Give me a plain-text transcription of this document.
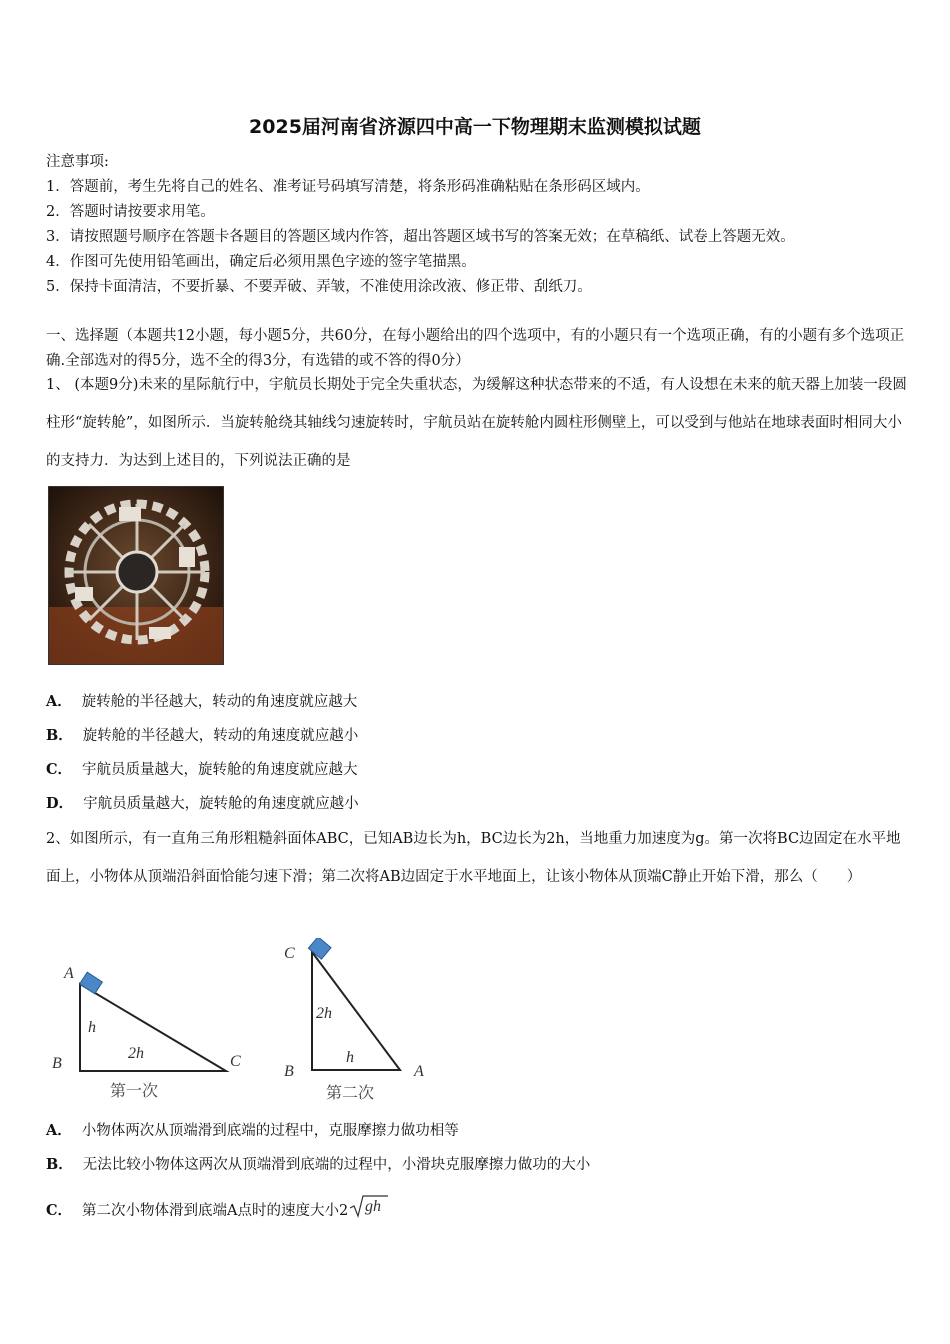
2025届河南省济源四中高一下物理期末监测模拟试题
注意事项:
1．答题前，考生先将自己的姓名、准考证号码填写清楚，将条形码准确粘贴在条形码区域内。
2．答题时请按要求用笔。
3．请按照题号顺序在答题卡各题目的答题区域内作答，超出答题区域书写的答案无效；在草稿纸、试卷上答题无效。
4．作图可先使用铅笔画出，确定后必须用黑色字迹的签字笔描黑。
5．保持卡面清洁，不要折暴、不要弄破、弄皱，不准使用涂改液、修正带、刮纸刀。
一、选择题（本题共12小题，每小题5分，共60分，在每小题给出的四个选项中，有的小题只有一个选项正确，有的小题有多个选项正确.全部选对的得5分，选不全的得3分，有选错的或不答的得0分）
1、 (本题9分)未来的星际航行中，宇航员长期处于完全失重状态，为缓解这种状态带来的不适，有人设想在未来的航天器上加装一段圆柱形“旋转舱”，如图所示．当旋转舱绕其轴线匀速旋转时，宇航员站在旋转舱内圆柱形侧壁上，可以受到与他站在地球表面时相同大小的支持力．为达到上述目的，下列说法正确的是
A． 旋转舱的半径越大，转动的角速度就应越大
B． 旋转舱的半径越大，转动的角速度就应越小
C． 宇航员质量越大，旋转舱的角速度就应越大
D． 宇航员质量越大，旋转舱的角速度就应越小
2、如图所示，有一直角三角形粗糙斜面体ABC，已知AB边长为h，BC边长为2h，当地重力加速度为g。第一次将BC边固定在水平地面上，小物体从顶端沿斜面恰能匀速下滑；第二次将AB边固定于水平地面上，让该小物体从顶端C静止开始下滑，那么（　　）
A
B	C
h
2h
第一次
C
B	A
2h
h
第二次
A． 小物体两次从顶端滑到底端的过程中，克服摩擦力做功相等
B． 无法比较小物体这两次从顶端滑到底端的过程中，小滑块克服摩擦力做功的大小
C． 第二次小物体滑到底端A点时的速度大小2 gh
